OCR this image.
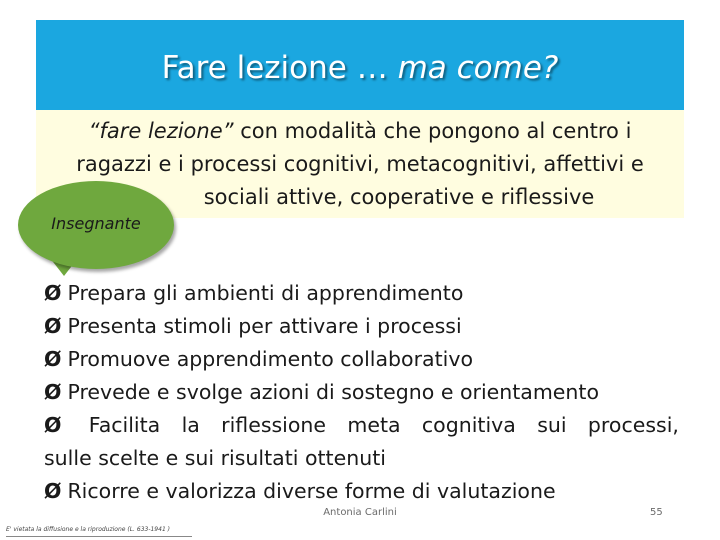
Fare lezione … ma come?
“fare lezione” con modalità che pongono al centro i
ragazzi e i processi cognitivi, metacognitivi, affettivi e
sociali attive, cooperative e riflessive
Insegnante
Ø Prepara gli ambienti di apprendimento
Ø Presenta stimoli per attivare i processi
Ø Promuove apprendimento collaborativo
Ø Prevede e svolge azioni di sostegno e orientamento
Ø Facilita la riflessione meta cognitiva sui processi,
sulle scelte e sui risultati ottenuti
Ø Ricorre e valorizza diverse forme di valutazione
Antonia Carlini	55
E' vietata la diffusione e la riproduzione (L. 633-1941 )
